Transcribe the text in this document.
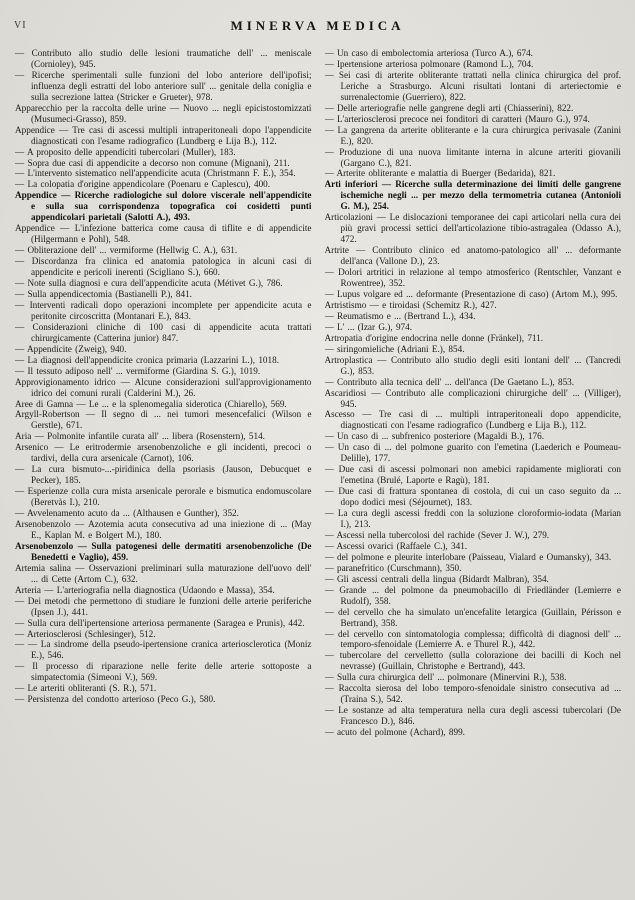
VI	MINERVA MEDICA

— Contributo allo studio delle lesioni traumatiche dell' ... meniscale (Cornioley), 945.

— Ricerche sperimentali sulle funzioni del lobo anteriore dell'ipofisi; influenza degli estratti del lobo anteriore sull' ... genitale della coniglia e sulla secrezione lattea (Stricker e Grueter), 978.

Apparecchio per la raccolta delle urine — Nuovo ... negli epicistostomizzati (Musumeci-Grasso), 859.

Appendice — Tre casi di ascessi multipli intraperitoneali dopo l'appendicite diagnosticati con l'esame radiografico (Lundberg e Lija B.), 112.

— A proposito delle appendiciti tubercolari (Muller), 183.

— Sopra due casi di appendicite a decorso non comune (Mignani), 211.

— L'intervento sistematico nell'appendicite acuta (Christmann F. E.), 354.

— La colopatia d'origine appendicolare (Poenaru e Caplescu), 400.

Appendice — Ricerche radiologiche sul dolore viscerale nell'appendicite e sulla sua corrispondenza topografica coi cosidetti punti appendicolari parietali (Salotti A.), 493.

Appendice — L'infezione batterica come causa di tiflite e di appendicite (Hilgermann e Pohl), 548.

— Obliterazione dell' ... vermiforme (Hellwig C. A.), 631.

— Discordanza fra clinica ed anatomia patologica in alcuni casi di appendicite e pericoli inerenti (Scigliano S.), 660.

— Note sulla diagnosi e cura dell'appendicite acuta (Métivet G.), 786.

— Sulla appendicectomia (Bastianelli P.), 841.

— Interventi radicali dopo operazioni incomplete per appendicite acuta e peritonite circoscritta (Montanari E.), 843.

— Considerazioni cliniche di 100 casi di appendicite acuta trattati chirurgicamente (Catterina junior) 847.

— Appendicite (Zweig), 940.

— La diagnosi dell'appendicite cronica primaria (Lazzarini L.), 1018.

— Il tessuto adiposo nell' ... vermiforme (Giardina S. G.), 1019.

Approvigionamento idrico — Alcune considerazioni sull'approvigionamento idrico dei comuni rurali (Calderini M.), 26.

Aree di Gamna — Le ... e la splenomegalia siderotica (Chiarello), 569.

Argyll-Robertson — Il segno di ... nei tumori mesencefalici (Wilson e Gerstle), 671.

Aria — Polmonite infantile curata all' ... libera (Rosenstern), 514.

Arsenico — Le eritrodermie arsenobenzoliche e gli incidenti, precoci o tardivi, della cura arsenicale (Carnot), 106.

— La cura bismuto-...-piridinica della psoriasis (Jauson, Debucquet e Pecker), 185.

— Esperienze colla cura mista arsenicale perorale e bismutica endomuscolare (Beretvàs I.), 210.

— Avvelenamento acuto da ... (Althausen e Gunther), 352.

Arsenobenzolo — Azotemia acuta consecutiva ad una iniezione di ... (May E., Kaplan M. e Bolgert M.), 180.

Arsenobenzolo — Sulla patogenesi delle dermatiti arsenobenzoliche (De Benedetti e Vaglio), 459.

Artemia salina — Osservazioni preliminari sulla maturazione dell'uovo dell' ... di Cette (Artom C.), 632.

Arteria — L'arteriografia nella diagnostica (Udaondo e Massa), 354.

— Dei metodi che permettono di studiare le funzioni delle arterie periferiche (Ipsen J.), 441.

— Sulla cura dell'ipertensione arteriosa permanente (Saragea e Prunis), 442.

— Arteriosclerosi (Schlesinger), 512.

— — La sindrome della pseudo-ipertensione cranica arteriosclerotica (Moniz E.), 546.

— Il processo di riparazione nelle ferite delle arterie sottoposte a simpatectomia (Simeoni V.), 569.

— Le arteriti obliteranti (S. R.), 571.

— Persistenza del condotto arterioso (Peco G.), 580.

— Un caso di embolectomia arteriosa (Turco A.), 674.

— Ipertensione arteriosa polmonare (Ramond L.), 704.

— Sei casi di arterite obliterante trattati nella clinica chirurgica del prof. Leriche a Strasburgo. Alcuni risultati lontani di arteriectomie e surrenalectomie (Guerriero), 822.

— Delle arteriografie nelle gangrene degli arti (Chiasserini), 822.

— L'arteriosclerosi precoce nei fonditori di caratteri (Mauro G.), 974.

— La gangrena da arterite obliterante e la cura chirurgica perivasale (Zanini E.), 820.

— Produzione di una nuova limitante interna in alcune arteriti giovanili (Gargano C.), 821.

— Arterite obliterante e malattia di Buerger (Bedarida), 821.

Arti inferiori — Ricerche sulla determinazione dei limiti delle gangrene ischemiche negli ... per mezzo della termometria cutanea (Antonioli G. M.), 254.

Articolazioni — Le dislocazioni temporanee dei capi articolari nella cura dei più gravi processi settici dell'articolazione tibio-astragalea (Odasso A.), 472.

Artrite — Contributo clinico ed anatomo-patologico all' ... deformante dell'anca (Vallone D.), 23.

— Dolori artritici in relazione al tempo atmosferico (Rentschler, Vanzant e Rowentree), 352.

— Lupus volgare ed ... deformante (Presentazione di caso) (Artom M.), 995.

Artristismo — e tiroidasi (Schemitz R.), 427.

— Reumatismo e ... (Bertrand L.), 434.

— L' ... (Izar G.), 974.

Artropatia d'origine endocrina nelle donne (Fränkel), 711.

— siringomieliche (Adriani E.), 854.

Artroplastica — Contributo allo studio degli esiti lontani dell' ... (Tancredi G.), 853.

— Contributo alla tecnica dell' ... dell'anca (De Gaetano L.), 853.

Ascaridiosi — Contributo alle complicazioni chirurgiche dell' ... (Villiger), 945.

Ascesso — Tre casi di ... multipli intraperitoneali dopo appendicite, diagnosticati con l'esame radiografico (Lundberg e Lija B.), 112.

— Un caso di ... subfrenico posteriore (Magaldi B.), 176.

— Un caso di ... del polmone guarito con l'emetina (Laederich e Poumeau-Delille), 177.

— Due casi di ascessi polmonari non amebici rapidamente migliorati con l'emetina (Brulé, Laporte e Ragù), 181.

— Due casi di frattura spontanea di costola, di cui un caso seguito da ... dopo dodici mesi (Séjournet), 183.

— La cura degli ascessi freddi con la soluzione cloroformio-iodata (Marian I.), 213.

— Ascessi nella tubercolosi del rachide (Sever J. W.), 279.

— Ascessi ovarici (Raffaele C.), 341.

— del polmone e pleurite interlobare (Paisseau, Vialard e Oumansky), 343.

— paranefritico (Curschmann), 350.

— Gli ascessi centrali della lingua (Bidardt Malbran), 354.

— Grande ... del polmone da pneumobacillo di Friedländer (Lemierre e Rudolf), 358.

— del cervello che ha simulato un'encefalite letargica (Guillain, Périsson e Bertrand), 358.

— del cervello con sintomatologia complessa; difficoltà di diagnosi dell' ... temporo-sfenoidale (Lemierre A. e Thurel R.), 442.

— tubercolare del cervelletto (sulla colorazione dei bacilli di Koch nel nevrasse) (Guillain, Christophe e Bertrand), 443.

— Sulla cura chirurgica dell' ... polmonare (Minervini R.), 538.

— Raccolta sierosa del lobo temporo-sfenoidale sinistro consecutiva ad ... (Traina S.), 542.

— Le sostanze ad alta temperatura nella cura degli ascessi tubercolari (De Francesco D.), 846.

— acuto del polmone (Achard), 899.
